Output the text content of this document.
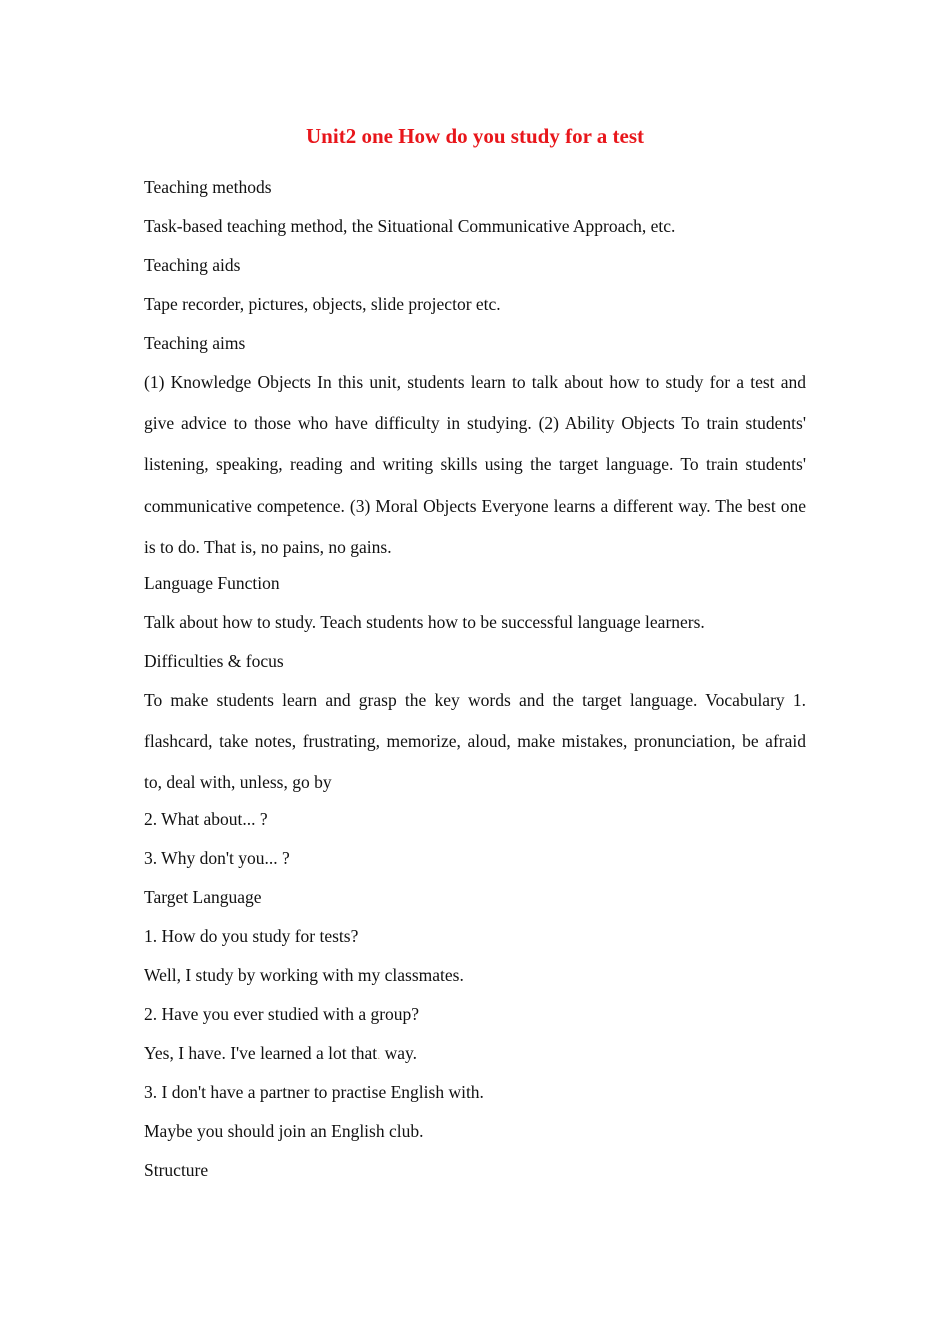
Unit2 one How do you study for a test
Teaching methods
Task-based teaching method, the Situational Communicative Approach, etc.
Teaching aids
Tape recorder, pictures, objects, slide projector etc.
Teaching aims
(1) Knowledge Objects In this unit, students learn to talk about how to study for a test and give advice to those who have difficulty in studying. (2) Ability Objects To train students' listening, speaking, reading and writing skills using the target language. To train students' communicative competence. (3) Moral Objects Everyone learns a different way. The best one is to do. That is, no pains, no gains.
Language Function
Talk about how to study. Teach students how to be successful language learners.
Difficulties & focus
To make students learn and grasp the key words and the target language. Vocabulary 1. flashcard, take notes, frustrating, memorize, aloud, make mistakes, pronunciation, be afraid to, deal with, unless, go by
2. What about... ?
3. Why don't you... ?
Target Language
1. How do you study for tests?
Well, I study by working with my classmates.
2. Have you ever studied with a group?
Yes, I have. I've learned a lot that. way.
3. I don't have a partner to practise English with.
Maybe you should join an English club.
Structure
